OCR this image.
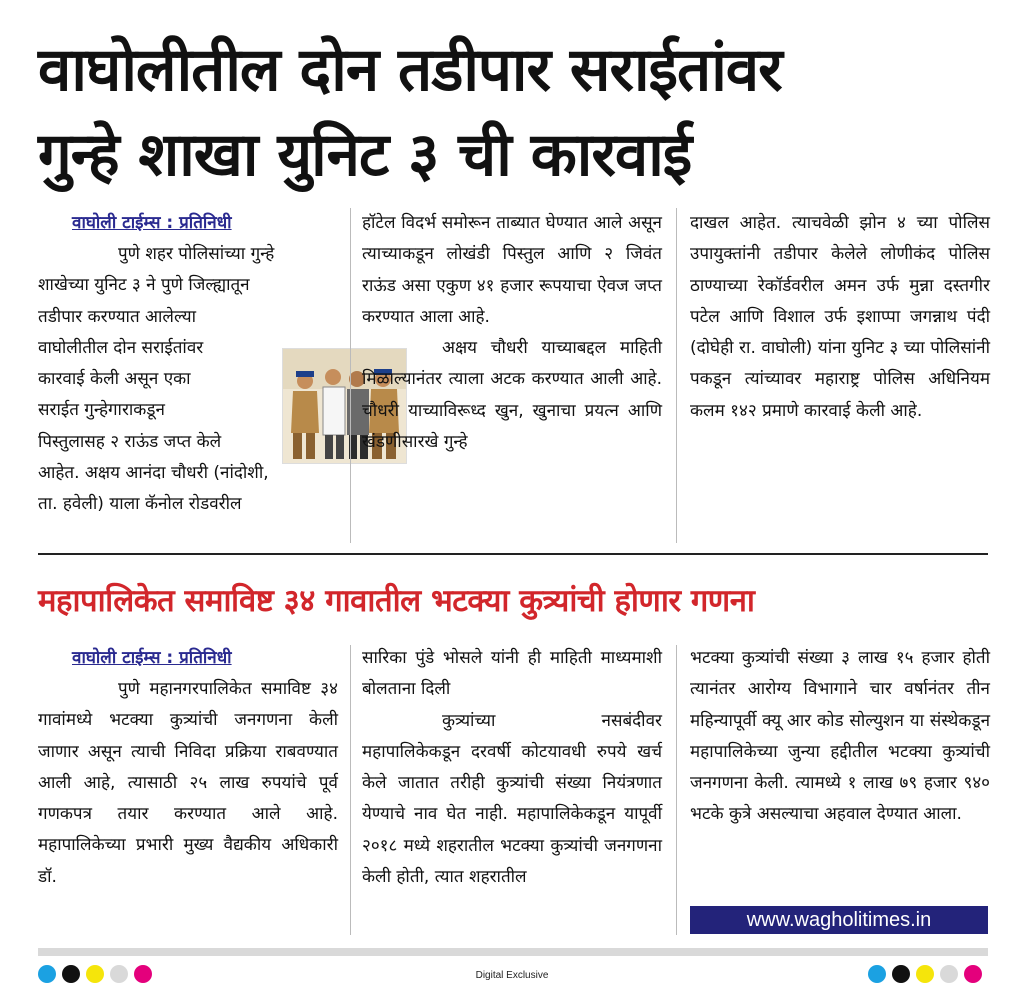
वाघोलीतील दोन तडीपार सराईतांवर
गुन्हे शाखा युनिट ३ ची कारवाई
वाघोली टाईम्स : प्रतिनिधी
पुणे शहर पोलिसांच्या गुन्हे
शाखेच्या युनिट ३ ने पुणे जिल्ह्यातून
तडीपार करण्यात आलेल्या
वाघोलीतील दोन सराईतांवर
कारवाई केली असून एका
सराईत गुन्हेगाराकडून
पिस्तुलासह २ राऊंड जप्त केले
आहेत. अक्षय आनंदा चौधरी (नांदोशी,
ता. हवेली) याला कॅनोल रोडवरील

हॉटेल विदर्भ समोरून ताब्यात घेण्यात आले असून त्याच्याकडून लोखंडी पिस्तुल आणि २ जिवंत राऊंड असा एकुण ४१ हजार रूपयाचा ऐवज जप्त करण्यात आला आहे.

अक्षय चौधरी याच्याबद्दल माहिती मिळाल्यानंतर त्याला अटक करण्यात आली आहे. चौधरी याच्याविरूध्द खुन, खुनाचा प्रयत्न आणि खंडणीसारखे गुन्हे

दाखल आहेत. त्याचवेळी झोन ४ च्या पोलिस उपायुक्तांनी तडीपार केलेले लोणीकंद पोलिस ठाण्याच्या रेकॉर्डवरील अमन उर्फ मुन्ना दस्तगीर पटेल आणि विशाल उर्फ इशाप्पा जगन्नाथ पंदी (दोघेही रा. वाघोली) यांना युनिट ३ च्या पोलिसांनी पकडून त्यांच्यावर महाराष्ट्र पोलिस अधिनियम कलम १४२ प्रमाणे कारवाई केली आहे.

महापालिकेत समाविष्ट ३४ गावातील भटक्या कुत्र्यांची होणार गणना
वाघोली टाईम्स : प्रतिनिधी

पुणे महानगरपालिकेत समाविष्ट ३४ गावांमध्ये भटक्या कुत्र्यांची जनगणना केली जाणार असून त्याची निविदा प्रक्रिया राबवण्यात आली आहे, त्यासाठी २५ लाख रुपयांचे पूर्व गणकपत्र तयार करण्यात आले आहे. महापालिकेच्या प्रभारी मुख्य वैद्यकीय अधिकारी डॉ.

सारिका पुंडे भोसले यांनी ही माहिती माध्यमाशी बोलताना दिली

कुत्र्यांच्या नसबंदीवर महापालिकेकडून दरवर्षी कोटयावधी रुपये खर्च केले जातात तरीही कुत्र्यांची संख्या नियंत्रणात येण्याचे नाव घेत नाही. महापालिकेकडून यापूर्वी २०१८ मध्ये शहरातील भटक्या कुत्र्यांची जनगणना केली होती, त्यात शहरातील

भटक्या कुत्र्यांची संख्या ३ लाख १५ हजार होती त्यानंतर आरोग्य विभागाने चार वर्षानंतर तीन महिन्यापूर्वी क्यू आर कोड सोल्युशन या संस्थेकडून महापालिकेच्या जुन्या हद्दीतील भटक्या कुत्र्यांची जनगणना केली. त्यामध्ये १ लाख ७९ हजार ९४० भटके कुत्रे असल्याचा अहवाल देण्यात आला.

www.wagholitimes.in
Digital Exclusive
